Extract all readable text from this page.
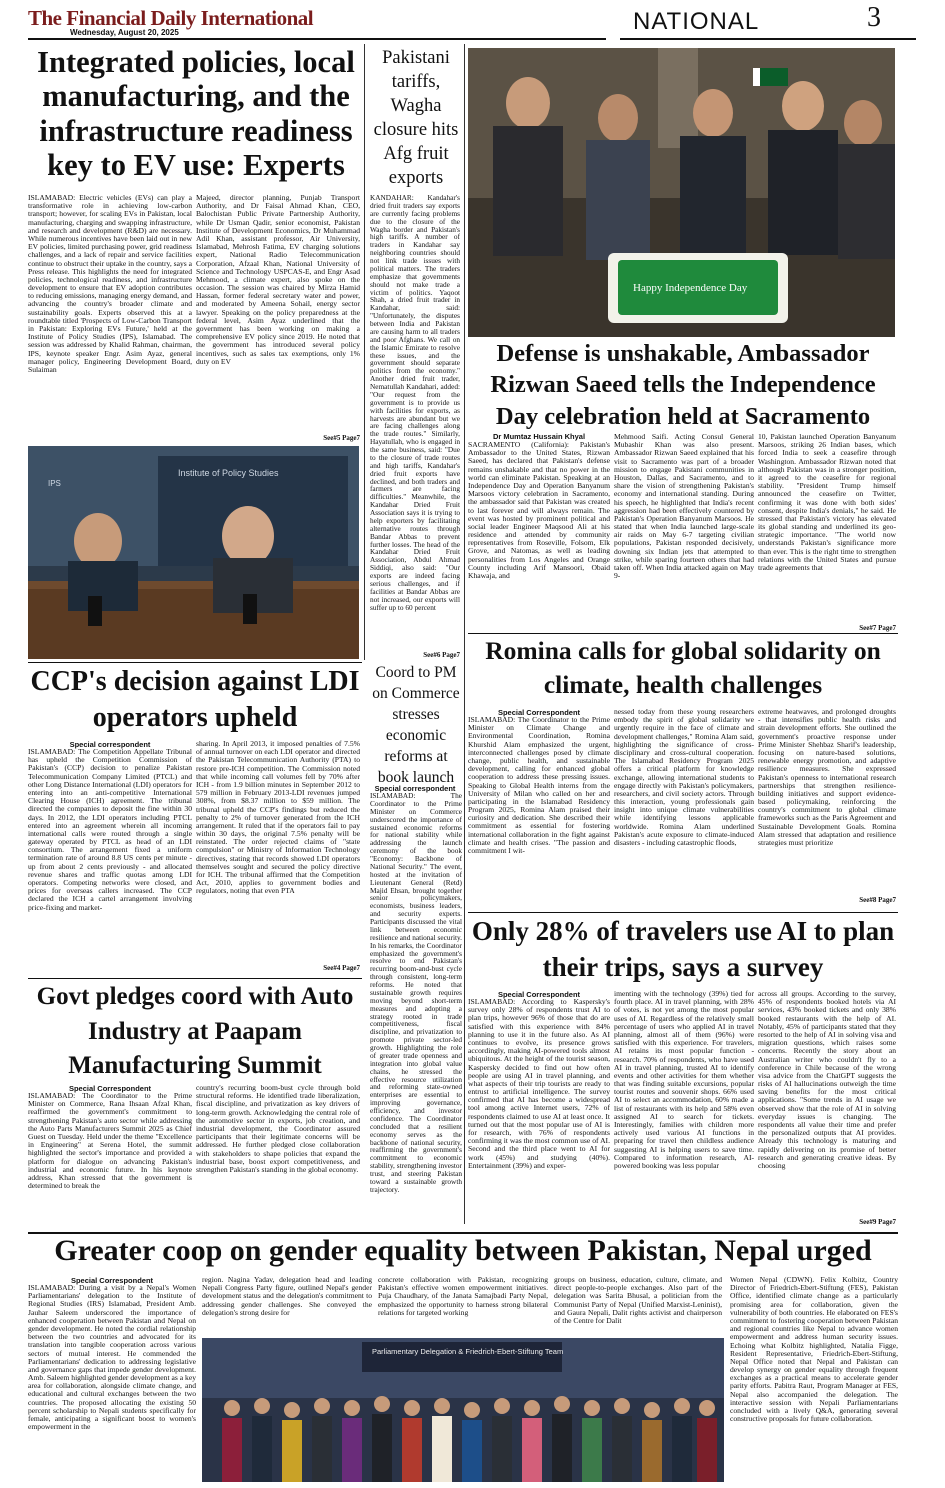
The Financial Daily International
Wednesday, August 20, 2025	NATIONAL	3
Integrated policies, local manufacturing, and the infrastructure readiness key to EV use: Experts
ISLAMABAD: Electric vehicles (EVs) can play a transformative role in achieving low-carbon transport; however, for scaling EVs in Pakistan, local manufacturing, charging and swapping infrastructure, and research and development (R&D) are necessary. While numerous incentives have been laid out in new EV policies, limited purchasing power, grid readiness challenges, and a lack of repair and service facilities continue to obstruct their uptake in the country, says a Press release. This highlights the need for integrated policies, technological readiness, and infrastructure development to ensure that EV adoption contributes to reducing emissions, managing energy demand, and advancing the country's broader climate and sustainability goals. Experts observed this at a roundtable titled 'Prospects of Low-Carbon Transport in Pakistan: Exploring EVs Future,' held at the Institute of Policy Studies (IPS), Islamabad. The session was addressed by Khalid Rahman, chairman, IPS, keynote speaker Engr. Asim Ayaz, general manager policy, Engineering Development Board, Sulaiman
Majeed, director planning, Punjab Transport Authority, and Dr Faisal Ahmad Khan, CEO, Balochistan Public Private Partnership Authority, while Dr Usman Qadir, senior economist, Pakistan Institute of Development Economics, Dr Muhammad Adil Khan, assistant professor, Air University, Islamabad, Mehrosh Fatima, EV charging solutions expert, National Radio Telecommunication Corporation, Afzaal Khan, National University of Science and Technology USPCAS-E, and Engr Asad Mehmood, a climate expert, also spoke on the occasion. The session was chaired by Mirza Hamid Hassan, former federal secretary water and power, and moderated by Ameena Sohail, energy sector lawyer. Speaking on the policy preparedness at the federal level, Asim Ayaz underlined that the government has been working on making a comprehensive EV policy since 2019. He noted that the government has introduced several policy incentives, such as sales tax exemptions, only 1% duty on EV
See#5 Page7
Institute of Policy Studies
IPS
Pakistani tariffs, Wagha closure hits Afg fruit exports
KANDAHAR: Kandahar's dried fruit traders say exports are currently facing problems due to the closure of the Wagha border and Pakistan's high tariffs. A number of traders in Kandahar say neighboring countries should not link trade issues with political matters. The traders emphasize that governments should not make trade a victim of politics. Yaqoot Shah, a dried fruit trader in Kandahar, said: "Unfortunately, the disputes between India and Pakistan are causing harm to all traders and poor Afghans. We call on the Islamic Emirate to resolve these issues, and the government should separate politics from the economy." Another dried fruit trader, Nematullah Kandahari, added: "Our request from the government is to provide us with facilities for exports, as harvests are abundant but we are facing challenges along the trade routes." Similarly, Hayatullah, who is engaged in the same business, said: "Due to the closure of trade routes and high tariffs, Kandahar's dried fruit exports have declined, and both traders and farmers are facing difficulties." Meanwhile, the Kandahar Dried Fruit Association says it is trying to help exporters by facilitating alternative routes through Bandar Abbas to prevent further losses. The head of the Kandahar Dried Fruit Association, Abdul Ahmad Siddiqi, also said: "Our exports are indeed facing serious challenges, and if facilities at Bandar Abbas are not increased, our exports will suffer up to 60 percent
See#6 Page7
Happy Independence Day
Defense is unshakable, Ambassador Rizwan Saeed tells the Independence Day celebration held at Sacramento
Dr Mumtaz Hussain Khyal
SACRAMENTO (California): Pakistan's Ambassador to the United States, Rizwan Saeed, has declared that Pakistan's defense remains unshakable and that no power in the world can eliminate Pakistan. Speaking at an Independence Day and Operation Banyanum Marsoos victory celebration in Sacramento, the ambassador said that Pakistan was created to last forever and will always remain. The event was hosted by prominent political and social leader Engineer Maqsood Ali at his residence and attended by community representatives from Roseville, Folsom, Elk Grove, and Natomas, as well as leading personalities from Los Angeles and Orange County including Arif Mansoori, Obaid Khawaja, and
Mehmood Saifi. Acting Consul General Mubashir Khan was also present. Ambassador Rizwan Saeed explained that his visit to Sacramento was part of a broader mission to engage Pakistani communities in Houston, Dallas, and Sacramento, and to share the vision of strengthening Pakistan's economy and international standing. During his speech, he highlighted that India's recent aggression had been effectively countered by Pakistan's Operation Banyanum Marsoos. He stated that when India launched large-scale air raids on May 6-7 targeting civilian populations, Pakistan responded decisively, downing six Indian jets that attempted to strike, while sparing fourteen others that had taken off. When India attacked again on May 9-
10, Pakistan launched Operation Banyanum Marsoos, striking 26 Indian bases, which forced India to seek a ceasefire through Washington. Ambassador Rizwan noted that although Pakistan was in a stronger position, it agreed to the ceasefire for regional stability. "President Trump himself announced the ceasefire on Twitter, confirming it was done with both sides' consent, despite India's denials," he said. He stressed that Pakistan's victory has elevated its global standing and underlined its geo-strategic importance. "The world now understands Pakistan's significance more than ever. This is the right time to strengthen relations with the United States and pursue trade agreements that
See#7 Page7
CCP's decision against LDI operators upheld
Special correspondent
ISLAMABAD: The Competition Appellate Tribunal has upheld the Competition Commission of Pakistan's (CCP) decision to penalize Pakistan Telecommunication Company Limited (PTCL) and other Long Distance International (LDI) operators for entering into an anti-competitive International Clearing House (ICH) agreement. The tribunal directed the companies to deposit the fine within 30 days. In 2012, the LDI operators including PTCL entered into an agreement wherein all incoming international calls were routed through a single gateway operated by PTCL as head of an LDI consortium. The arrangement fixed a uniform termination rate of around 8.8 US cents per minute - up from about 2 cents previously - and allocated revenue shares and traffic quotas among LDI operators. Competing networks were closed, and prices for overseas callers increased. The CCP declared the ICH a cartel arrangement involving price-fixing and market-
sharing. In April 2013, it imposed penalties of 7.5% of annual turnover on each LDI operator and directed the Pakistan Telecommunication Authority (PTA) to restore pre-ICH competition. The Commission noted that while incoming call volumes fell by 70% after ICH - from 1.9 billion minutes in September 2012 to 579 million in February 2013-LDI revenues jumped 308%, from $8.37 million to $59 million. The tribunal upheld the CCP's findings but reduced the penalty to 2% of turnover generated from the ICH arrangement. It ruled that if the operators fail to pay within 30 days, the original 7.5% penalty will be reinstated. The order rejected claims of "state compulsion" or Ministry of Information Technology directives, stating that records showed LDI operators themselves sought and secured the policy directive for ICH. The tribunal affirmed that the Competition Act, 2010, applies to government bodies and regulators, noting that even PTA
See#4 Page7
Coord to PM on Commerce stresses economic reforms at book launch
Special correspondent
ISLAMABAD: The Coordinator to the Prime Minister on Commerce underscored the importance of sustained economic reforms for national stability while addressing the launch ceremony of the book "Economy: Backbone of National Security." The event, hosted at the invitation of Lieutenant General (Retd) Majid Ehsan, brought together senior policymakers, economists, business leaders, and security experts. Participants discussed the vital link between economic resilience and national security. In his remarks, the Coordinator emphasized the government's resolve to end Pakistan's recurring boom-and-bust cycle through consistent, long-term reforms. He noted that sustainable growth requires moving beyond short-term measures and adopting a strategy rooted in trade competitiveness, fiscal discipline, and privatization to promote private sector-led growth. Highlighting the role of greater trade openness and integration into global value chains, he stressed the effective resource utilization and reforming state-owned enterprises are essential to improving governance, efficiency, and investor confidence. The Coordinator concluded that a resilient economy serves as the backbone of national security, reaffirming the government's commitment to economic stability, strengthening investor trust, and steering Pakistan toward a sustainable growth trajectory.
Romina calls for global solidarity on climate, health challenges
Special Correspondent
ISLAMABAD: The Coordinator to the Prime Minister on Climate Change and Environmental Coordination, Romina Khurshid Alam emphasized the urgent, interconnected challenges posed by climate change, public health, and sustainable development, calling for enhanced global cooperation to address these pressing issues. Speaking to Global Health interns from the University of Milan who called on her and participating in the Islamabad Residency Program 2025, Romina Alam praised their curiosity and dedication. She described their commitment as essential for fostering international collaboration in the fight against climate and health crises. "The passion and commitment I wit-
nessed today from these young researchers embody the spirit of global solidarity we urgently require in the face of climate and development challenges," Romina Alam said, highlighting the significance of cross-disciplinary and cross-cultural cooperation. The Islamabad Residency Program 2025 offers a critical platform for knowledge exchange, allowing international students to engage directly with Pakistan's policymakers, researchers, and civil society actors. Through this interaction, young professionals gain insight into unique climate vulnerabilities while identifying lessons applicable worldwide. Romina Alam underlined Pakistan's acute exposure to climate-induced disasters - including catastrophic floods,
extreme heatwaves, and prolonged droughts - that intensifies public health risks and strain development efforts. She outlined the government's proactive response under Prime Minister Shehbaz Sharif's leadership, focusing on nature-based solutions, renewable energy promotion, and adaptive resilience measures. She expressed Pakistan's openness to international research partnerships that strengthen resilience-building initiatives and support evidence-based policymaking, reinforcing the country's commitment to global climate frameworks such as the Paris Agreement and Sustainable Development Goals. Romina Alam stressed that adaptation and resilience strategies must prioritize
See#8 Page7
Only 28% of travelers use AI to plan their trips, says a survey
Special Correspondent
ISLAMABAD: According to Kaspersky's survey only 28% of respondents trust AI to plan trips, however 96% of those that do are satisfied with this experience with 84% planning to use it in the future also. As AI continues to evolve, its presence grows accordingly, making AI-powered tools almost ubiquitous. At the height of the tourist season, Kaspersky decided to find out how often people are using AI in travel planning, and what aspects of their trip tourists are ready to entrust to artificial intelligence. The survey confirmed that AI has become a widespread tool among active Internet users, 72% of respondents claimed to use AI at least once. It turned out that the most popular use of AI is for research, with 76% of respondents confirming it was the most common use of AI. Second and the third place went to AI for work (45%) and studying (40%). Entertainment (39%) and exper-
imenting with the technology (39%) tied for fourth place. AI in travel planning, with 28% of votes, is not yet among the most popular uses of AI. Regardless of the relatively small percentage of users who applied AI in travel planning, almost all of them (96%) were satisfied with this experience. For travelers, AI retains its most popular function - research. 70% of respondents, who have used AI in travel planning, trusted AI to identify events and other activities for them whether that was finding suitable excursions, popular tourist routes and souvenir shops. 66% used AI to select an accommodation, 60% made a list of restaurants with its help and 58% even assigned AI to search for tickets. Interestingly, families with children more actively used various AI functions in preparing for travel then childless audience suggesting AI is helping users to save time. Compared to information research, AI-powered booking was less popular
across all groups. According to the survey, 45% of respondents booked hotels via AI services, 43% booked tickets and only 38% booked restaurants with the help of AI. Notably, 45% of participants stated that they resorted to the help of AI in solving visa and migration questions, which raises some concerns. Recently the story about an Australian writer who couldn't fly to a conference in Chile because of the wrong visa advice from the ChatGPT suggests the risks of AI hallucinations outweigh the time saving benefits for the most critical applications. "Some trends in AI usage we observed show that the role of AI in solving everyday issues is changing. The respondents all value their time and prefer the personalized outputs that AI provides. Already this technology is maturing and rapidly delivering on its promise of better research and generating creative ideas. By choosing
See#9 Page7
Govt pledges coord with Auto Industry at Paapam Manufacturing Summit
Special Correspondent
ISLAMABAD: The Coordinator to the Prime Minister on Commerce, Rana Ihsaan Afzal Khan, reaffirmed the government's commitment to strengthening Pakistan's auto sector while addressing the Auto Parts Manufacturers Summit 2025 as Chief Guest on Tuesday. Held under the theme "Excellence in Engineering" at Serena Hotel, the summit highlighted the sector's importance and provided a platform for dialogue on advancing Pakistan's industrial and economic future. In his keynote address, Khan stressed that the government is determined to break the
country's recurring boom-bust cycle through bold structural reforms. He identified trade liberalization, fiscal discipline, and privatization as key drivers of long-term growth. Acknowledging the central role of the automotive sector in exports, job creation, and industrial development, the Coordinator assured participants that their legitimate concerns will be addressed. He further pledged close collaboration with stakeholders to shape policies that expand the industrial base, boost export competitiveness, and strengthen Pakistan's standing in the global economy.
Greater coop on gender equality between Pakistan, Nepal urged
Special Correspondent
ISLAMABAD: During a visit by a Nepal's Women Parliamentarians' delegation to the Institute of Regional Studies (IRS) Islamabad, President Amb. Jauhar Saleem underscored the importance of enhanced cooperation between Pakistan and Nepal on gender development. He noted the cordial relationship between the two countries and advocated for its translation into tangible cooperation across various sectors of mutual interest. He commended the Parliamentarians' dedication to addressing legislative and governance gaps that impede gender development. Amb. Saleem highlighted gender development as a key area for collaboration, alongside climate change, and educational and cultural exchanges between the two countries. The proposed allocating the existing 50 percent scholarship to Nepali students specifically for female, anticipating a significant boost to women's empowerment in the
region. Nagina Yadav, delegation head and leading Nepali Congress Party figure, outlined Nepal's gender development status and the delegation's commitment to addressing gender challenges. She conveyed the delegation's strong desire for
concrete collaboration with Pakistan, recognizing Pakistan's effective women empowerment initiatives. Puja Chaudhary, of the Janata Samajbadi Party Nepal, emphasized the opportunity to harness strong bilateral relations for targeted working
groups on business, education, culture, climate, and direct people-to-people exchanges. Also part of the delegation was Sarita Bhusal, a politician from the Communist Party of Nepal (Unified Marxist-Leninist), and Gaura Nepali, Dalit rights activist and chairperson of the Centre for Dalit
Women Nepal (CDWN). Felix Kolbitz, Country Director of Friedrich-Ebert-Stiftung (FES), Pakistan Office, identified climate change as a particularly promising area for collaboration, given the vulnerability of both countries. He elaborated on FES's commitment to fostering cooperation between Pakistan and regional countries like Nepal to advance women empowerment and address human security issues. Echoing what Kolbitz highlighted, Natalia Figge, Resident Representative, Friedrich-Ebert-Stiftung, Nepal Office noted that Nepal and Pakistan can develop synergy on gender equality through frequent exchanges as a practical means to accelerate gender parity efforts. Pabitra Raut, Program Manager at FES, Nepal also accompanied the delegation. The interactive session with Nepali Parliamentarians concluded with a lively Q&A, generating several constructive proposals for future collaboration.
Parliamentary Delegation & Friedrich-Ebert-Stiftung Team
